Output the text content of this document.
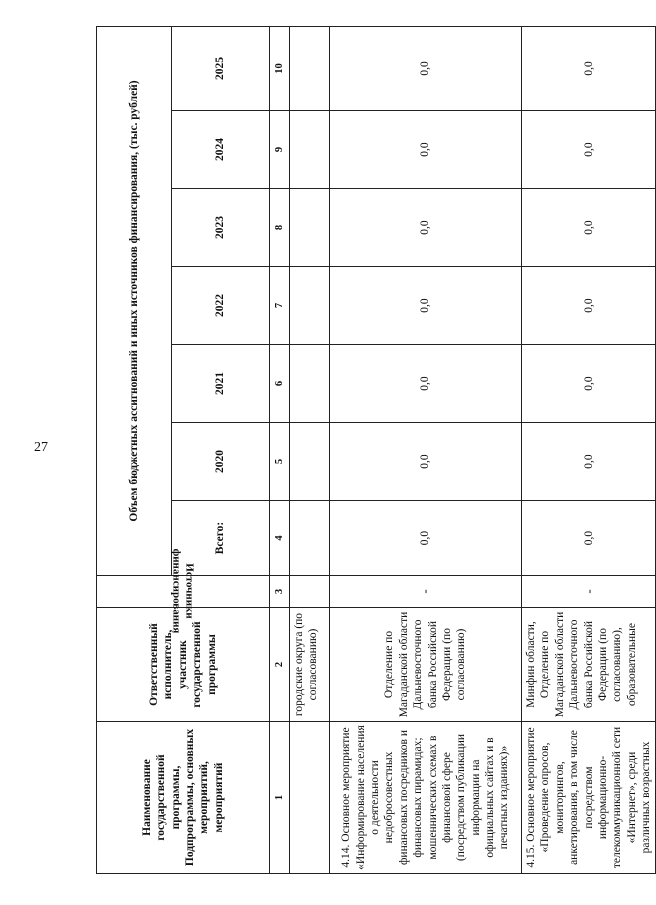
27
Наименование государственной программы, Подпрограммы, основных мероприятий, мероприятий	Ответственный исполнитель, участник государственной программы	Источники финансирования	Объем бюджетных ассигнований и иных источников финансирования, (тыс. рублей)						
			Всего:	2020	2021	2022	2023	2024	2025
1	2	3	4	5	6	7	8	9	10
	городские округа (по согласованию)								
4.14. Основное мероприятие «Информирование населения о деятельности недобросовестных финансовых посредников и финансовых пирамидах; мошеннических схемах в финансовой сфере (посредством публикации информации на официальных сайтах и в печатных изданиях)»	Отделение по Магаданской области Дальневосточного банка Российской Федерации (по согласованию)	-	0,0	0,0	0,0	0,0	0,0	0,0	0,0
4.15. Основное мероприятие «Проведение опросов, мониторингов, анкетирования, в том числе посредством информационно-телекоммуникационной сети «Интернет», среди различных возрастных	Минфин области, Отделение по Магаданской области Дальневосточного банка Российской Федерации (по согласованию), образовательные	-	0,0	0,0	0,0	0,0	0,0	0,0	0,0
